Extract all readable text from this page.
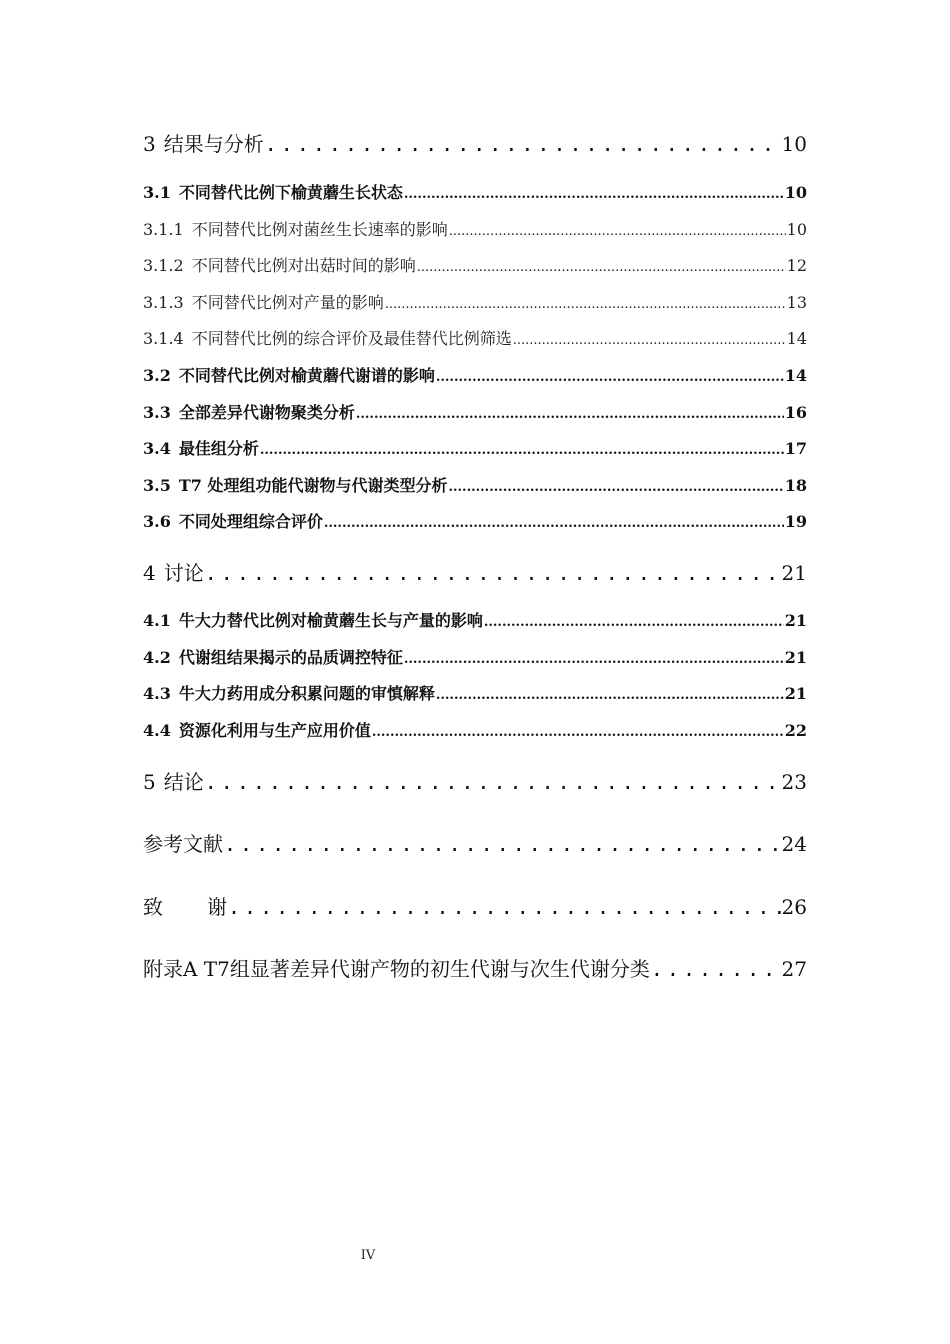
3 结果与分析 .....	10
3.1 不同替代比例下榆黄蘑生长状态 .....	10
3.1.1 不同替代比例对菌丝生长速率的影响 .....	10
3.1.2 不同替代比例对出菇时间的影响 .....	12
3.1.3 不同替代比例对产量的影响 .....	13
3.1.4 不同替代比例的综合评价及最佳替代比例筛选 .....	14
3.2 不同替代比例对榆黄蘑代谢谱的影响 .....	14
3.3 全部差异代谢物聚类分析 .....	16
3.4 最佳组分析 .....	17
3.5 T7 处理组功能代谢物与代谢类型分析 .....	18
3.6 不同处理组综合评价 .....	19
4 讨论 .....	21
4.1 牛大力替代比例对榆黄蘑生长与产量的影响 .....	21
4.2 代谢组结果揭示的品质调控特征 .....	21
4.3 牛大力药用成分积累问题的审慎解释 .....	21
4.4 资源化利用与生产应用价值 .....	22
5 结论 .....	23
参考文献 .....	24
致 谢 .....	26
附录A T7组显著差异代谢产物的初生代谢与次生代谢分类 .....	27
IV
